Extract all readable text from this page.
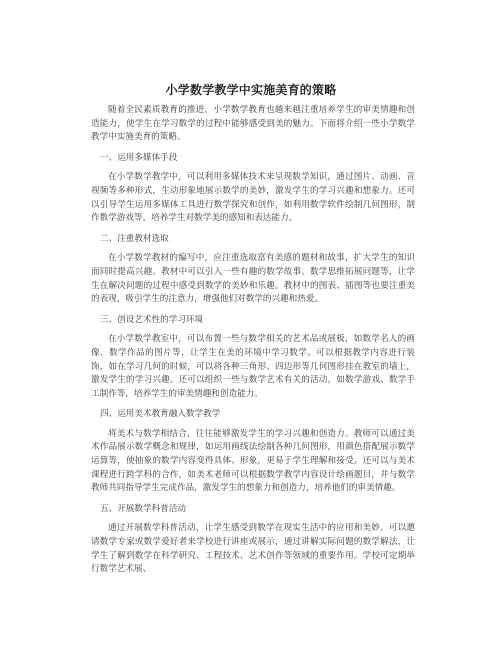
小学数学教学中实施美育的策略

随着全民素质教育的推进，小学数学教育也越来越注重培养学生的审美情趣和创造能力，使学生在学习数学的过程中能够感受到美的魅力。下面将介绍一些小学数学教学中实施美育的策略。

一、运用多媒体手段

在小学数学教学中，可以利用多媒体技术来呈现数学知识，通过图片、动画、音视频等多种形式，生动形象地展示数学的美妙，激发学生的学习兴趣和想象力。还可以引导学生运用多媒体工具进行数学探究和创作，如利用数学软件绘制几何图形，制作数学游戏等，培养学生对数学美的感知和表达能力。

二、注重教材选取

在小学数学教材的编写中，应注重选取富有美感的题材和故事，扩大学生的知识面同时提高兴趣。教材中可以引入一些有趣的数学故事、数学思维拓展问题等，让学生在解决问题的过程中感受到数学的美妙和乐趣。教材中的图表、插图等也要注重美的表现，吸引学生的注意力，增强他们对数学的兴趣和热爱。

三、创设艺术性的学习环境

在小学数学教室中，可以布置一些与数学相关的艺术品或展板，如数学名人的画像、数学作品的图片等，让学生在美的环境中学习数学。可以根据教学内容进行装饰，如在学习几何的时候，可以将各种三角形、四边形等几何图形挂在教室的墙上，激发学生的学习兴趣。还可以组织一些与数学艺术有关的活动，如数学游戏、数学手工制作等，培养学生的审美情趣和创造能力。

四、运用美术教育融入数学教学

将美术与数学相结合，往往能够激发学生的学习兴趣和创造力。教师可以通过美术作品展示数学概念和规律，如运用画线法绘制各种几何图形，用颜色搭配展示数学运算等，使抽象的数学内容变得具体、形象，更易于学生理解和接受。还可以与美术课程进行跨学科的合作，如美术老师可以根据数学教学内容设计绘画题目，并与数学教师共同指导学生完成作品，激发学生的想象力和创造力，培养他们的审美情趣。

五、开展数学科普活动

通过开展数学科普活动，让学生感受到数学在现实生活中的应用和美妙。可以邀请数学专家或数学爱好者来学校进行讲座或展示，通过讲解实际问题的数学解法，让学生了解到数学在科学研究、工程技术、艺术创作等领域的重要作用。学校可定期举行数学艺术展、
